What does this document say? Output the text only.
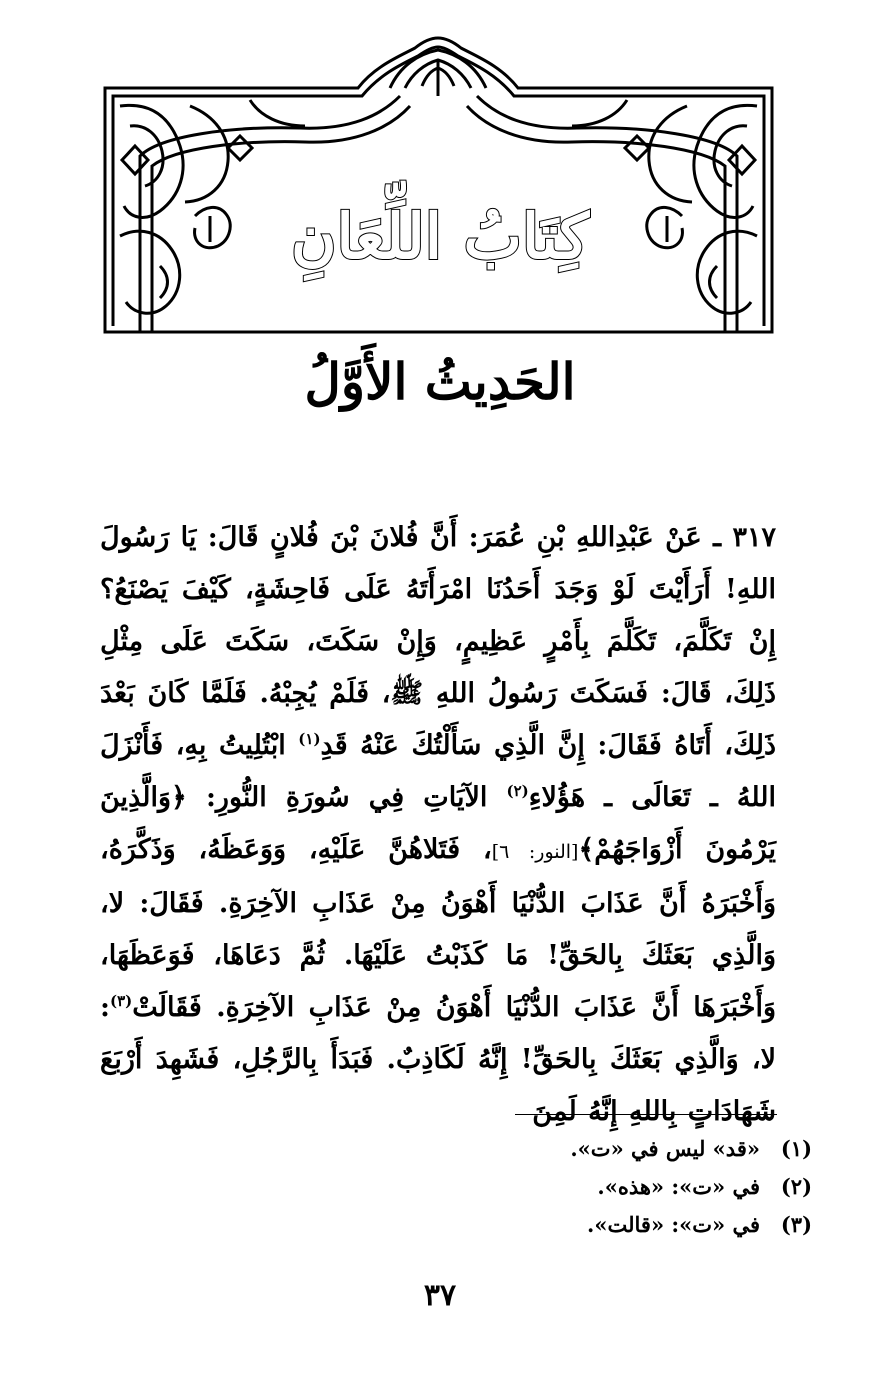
كِتَابُ اللِّعَانِ
الحَدِيثُ الأَوَّلُ

٣١٧ ـ عَنْ عَبْدِاللهِ بْنِ عُمَرَ: أَنَّ فُلانَ بْنَ فُلانٍ قَالَ: يَا رَسُولَ اللهِ! أَرَأَيْتَ لَوْ وَجَدَ أَحَدُنَا امْرَأَتَهُ عَلَى فَاحِشَةٍ، كَيْفَ يَصْنَعُ؟ إِنْ تَكَلَّمَ، تَكَلَّمَ بِأَمْرٍ عَظِيمٍ، وَإِنْ سَكَتَ، سَكَتَ عَلَى مِثْلِ ذَلِكَ، قَالَ: فَسَكَتَ رَسُولُ اللهِ ﷺ، فَلَمْ يُجِبْهُ. فَلَمَّا كَانَ بَعْدَ ذَلِكَ، أَتَاهُ فَقَالَ: إِنَّ الَّذِي سَأَلْتُكَ عَنْهُ قَدِ$^{(١)}$ ابْتُلِيتُ بِهِ، فَأَنْزَلَ اللهُ ـ تَعَالَى ـ هَؤُلاءِ$^{(٢)}$ الآيَاتِ فِي سُورَةِ النُّورِ: ﴿وَالَّذِينَ يَرْمُونَ أَزْوَاجَهُمْ﴾[النور: ٦]، فَتَلاهُنَّ عَلَيْهِ، وَوَعَظَهُ، وَذَكَّرَهُ، وَأَخْبَرَهُ أَنَّ عَذَابَ الدُّنْيَا أَهْوَنُ مِنْ عَذَابِ الآخِرَةِ. فَقَالَ: لا، وَالَّذِي بَعَثَكَ بِالحَقِّ! مَا كَذَبْتُ عَلَيْهَا. ثُمَّ دَعَاهَا، فَوَعَظَهَا، وَأَخْبَرَهَا أَنَّ عَذَابَ الدُّنْيَا أَهْوَنُ مِنْ عَذَابِ الآخِرَةِ. فَقَالَتْ$^{(٣)}$: لا، وَالَّذِي بَعَثَكَ بِالحَقِّ! إِنَّهُ لَكَاذِبٌ. فَبَدَأَ بِالرَّجُلِ، فَشَهِدَ أَرْبَعَ شَهَادَاتٍ بِاللهِ إِنَّهُ لَمِنَ

(١)
«قد» ليس في «ت».
(٢)
في «ت»: «هذه».
(٣)
في «ت»: «قالت».
٣٧
